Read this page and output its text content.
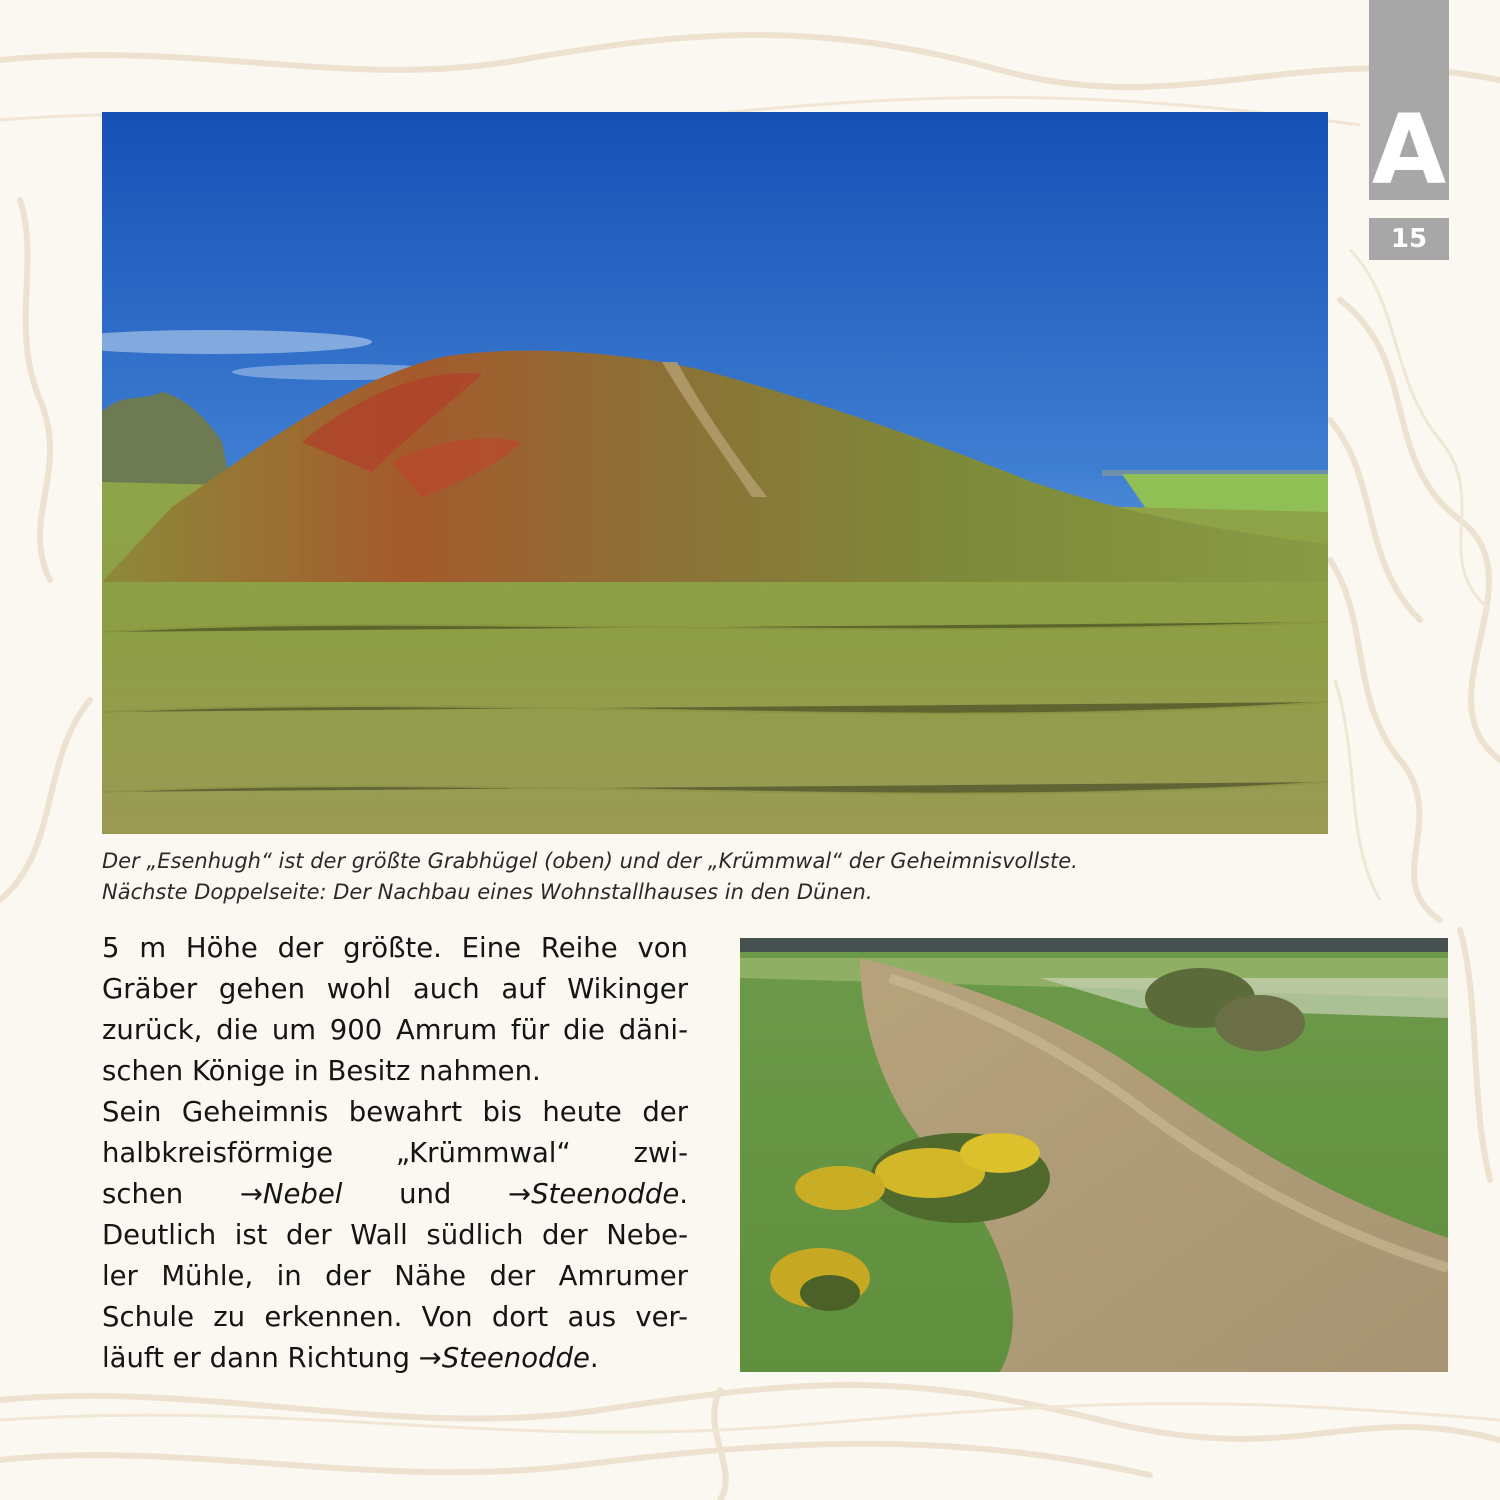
A
15

Der „Esenhugh“ ist der größte Grabhügel (oben) und der „Krümmwal“ der Geheimnisvollste.

Nächste Doppelseite: Der Nachbau eines Wohnstallhauses in den Dünen.

5 m Höhe der größte. Eine Reihe von

Gräber gehen wohl auch auf Wikinger

zurück, die um 900 Amrum für die däni-

schen Könige in Besitz nahmen.

Sein Geheimnis bewahrt bis heute der

halbkreisförmige „Krümmwal“ zwi-

schen →Nebel und →Steenodde.

Deutlich ist der Wall südlich der Nebe-

ler Mühle, in der Nähe der Amrumer

Schule zu erkennen. Von dort aus ver-

läuft er dann Richtung →Steenodde.
